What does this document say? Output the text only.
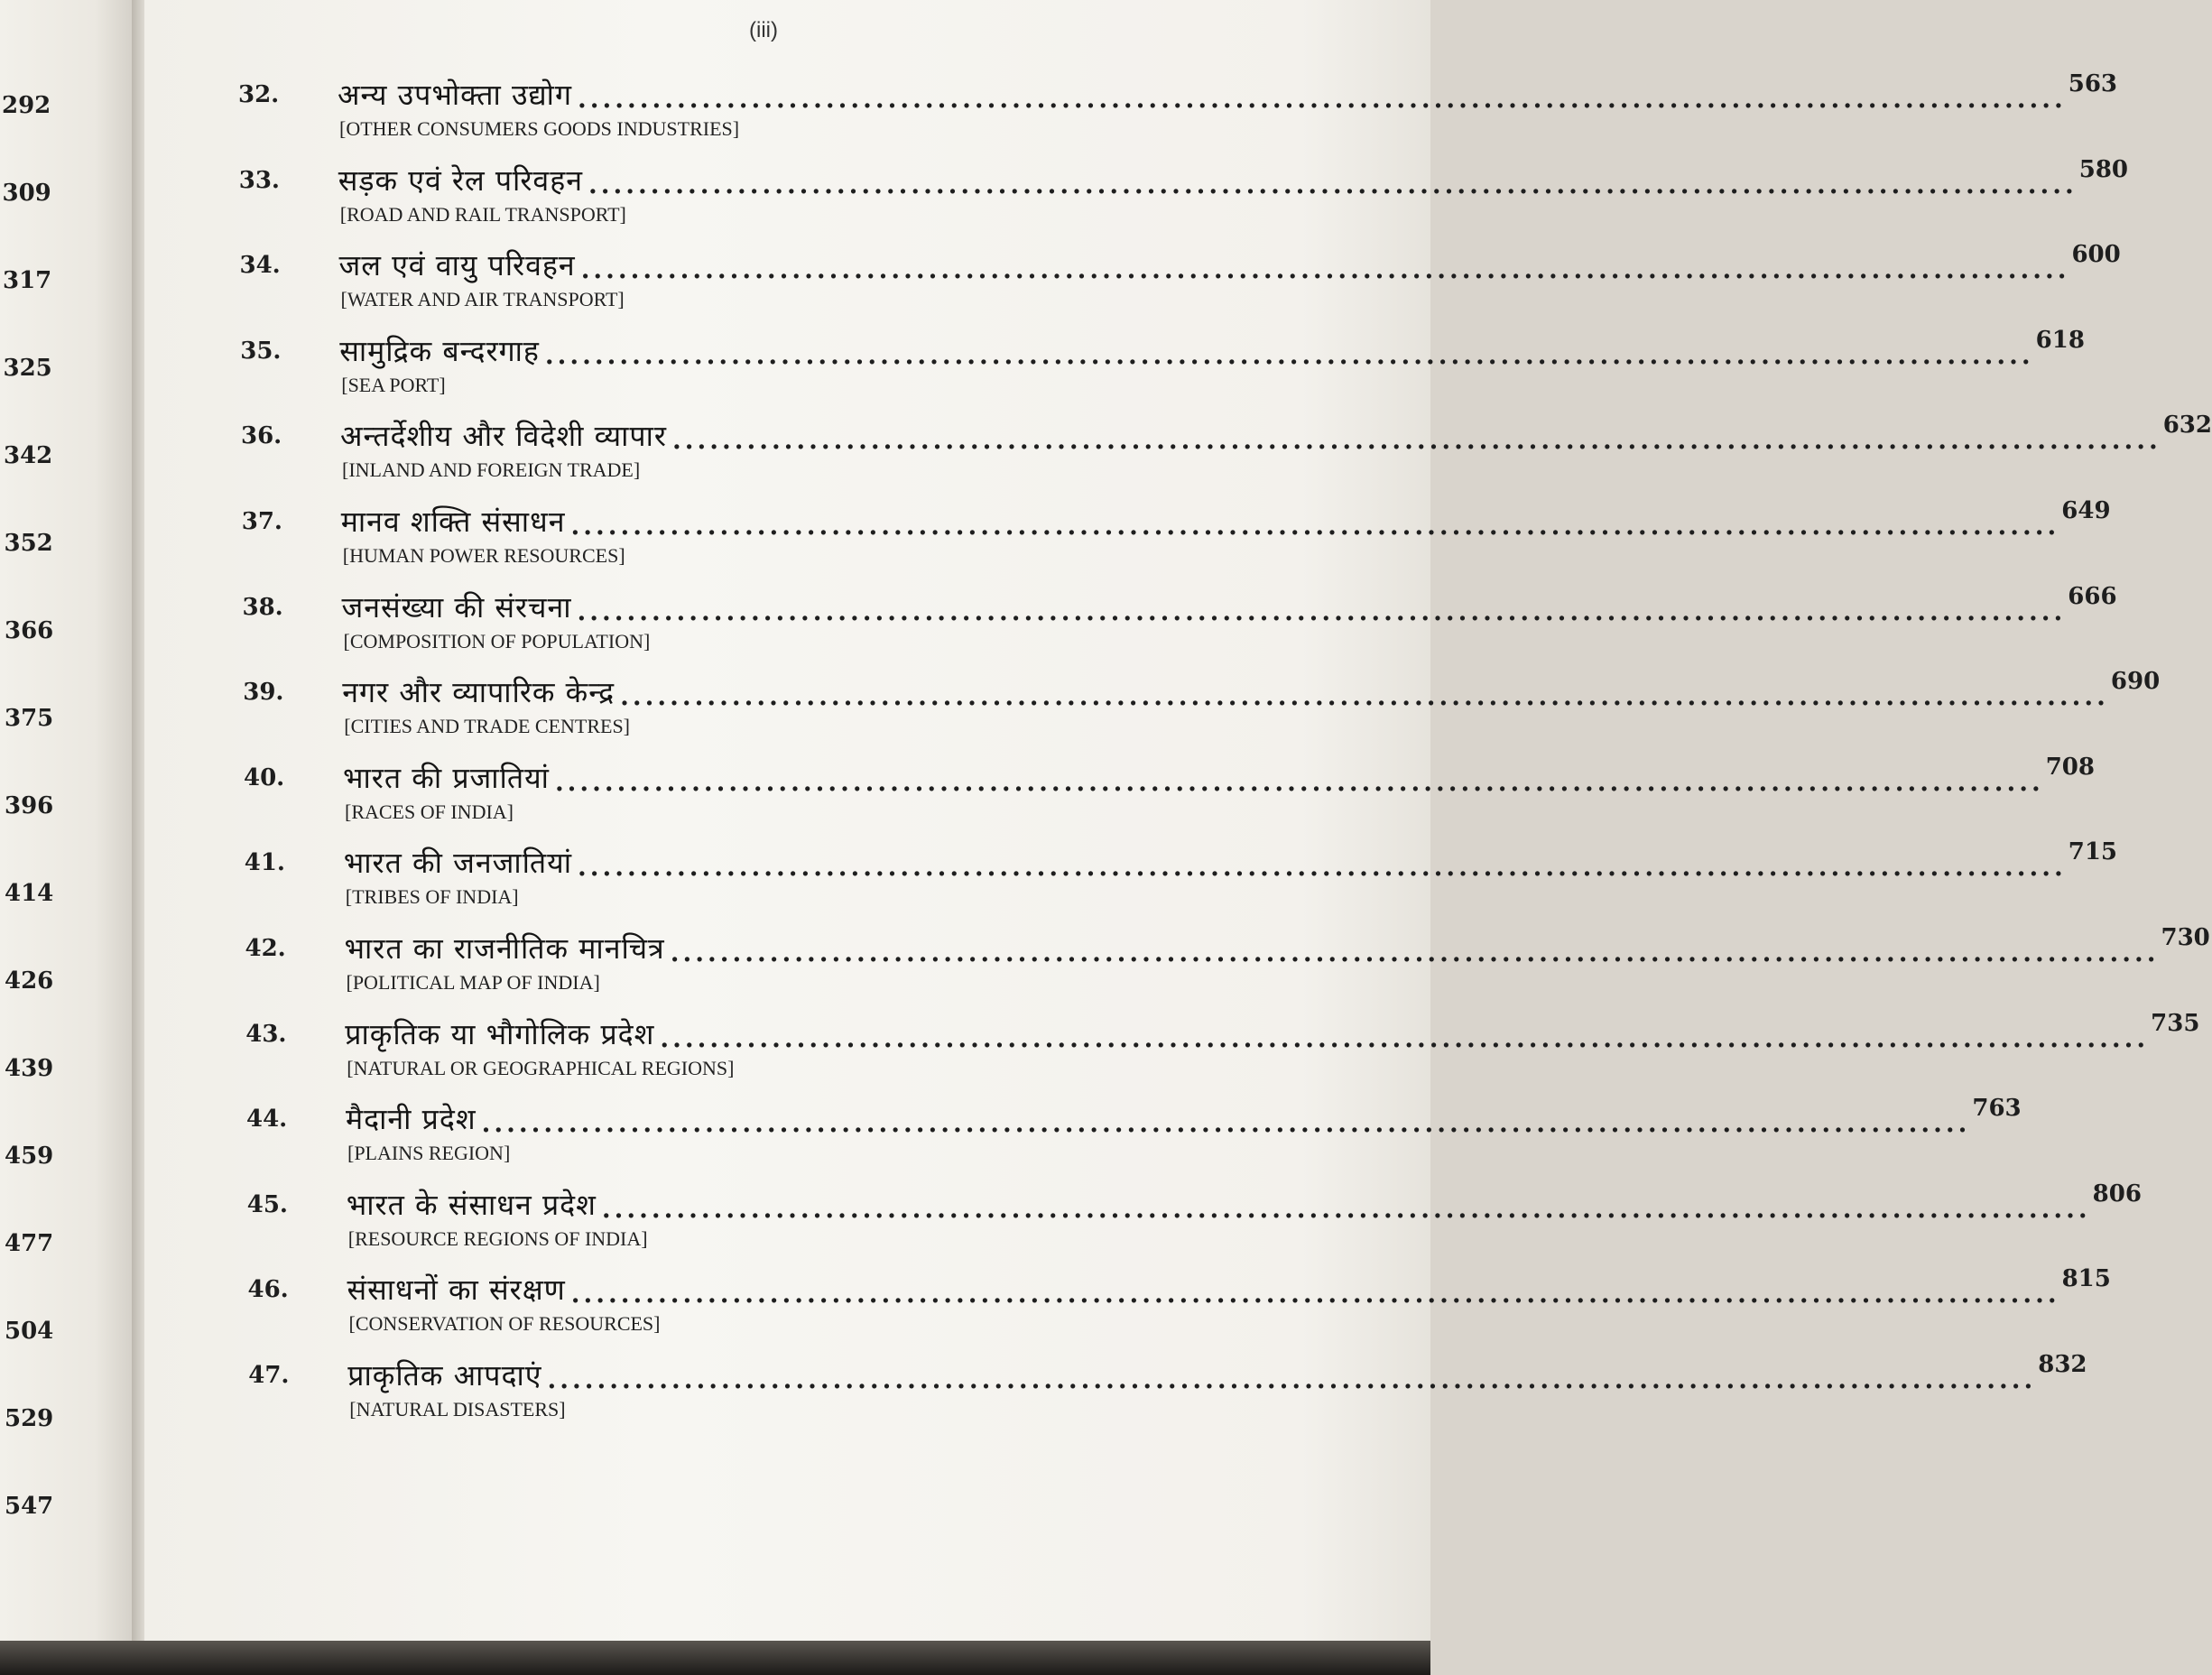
292
309
317
325
342
352
366
375
396
414
426
439
459
477
504
529
547
(iii)
32. अन्य उपभोक्ता उद्योग ........................................................................................................................ 563
[OTHER CONSUMERS GOODS INDUSTRIES]
33. सड़क एवं रेल परिवहन ........................................................................................................................ 580
[ROAD AND RAIL TRANSPORT]
34. जल एवं वायु परिवहन ........................................................................................................................ 600
[WATER AND AIR TRANSPORT]
35. सामुद्रिक बन्दरगाह ........................................................................................................................ 618
[SEA PORT]
36. अन्तर्देशीय और विदेशी व्यापार ........................................................................................................................ 632
[INLAND AND FOREIGN TRADE]
37. मानव शक्ति संसाधन ........................................................................................................................ 649
[HUMAN POWER RESOURCES]
38. जनसंख्या की संरचना ........................................................................................................................ 666
[COMPOSITION OF POPULATION]
39. नगर और व्यापारिक केन्द्र ........................................................................................................................ 690
[CITIES AND TRADE CENTRES]
40. भारत की प्रजातियां ........................................................................................................................ 708
[RACES OF INDIA]
41. भारत की जनजातियां ........................................................................................................................ 715
[TRIBES OF INDIA]
42. भारत का राजनीतिक मानचित्र ........................................................................................................................ 730
[POLITICAL MAP OF INDIA]
43. प्राकृतिक या भौगोलिक प्रदेश ........................................................................................................................ 735
[NATURAL OR GEOGRAPHICAL REGIONS]
44. मैदानी प्रदेश ........................................................................................................................ 763
[PLAINS REGION]
45. भारत के संसाधन प्रदेश ........................................................................................................................ 806
[RESOURCE REGIONS OF INDIA]
46. संसाधनों का संरक्षण ........................................................................................................................ 815
[CONSERVATION OF RESOURCES]
47. प्राकृतिक आपदाएं ........................................................................................................................ 832
[NATURAL DISASTERS]
